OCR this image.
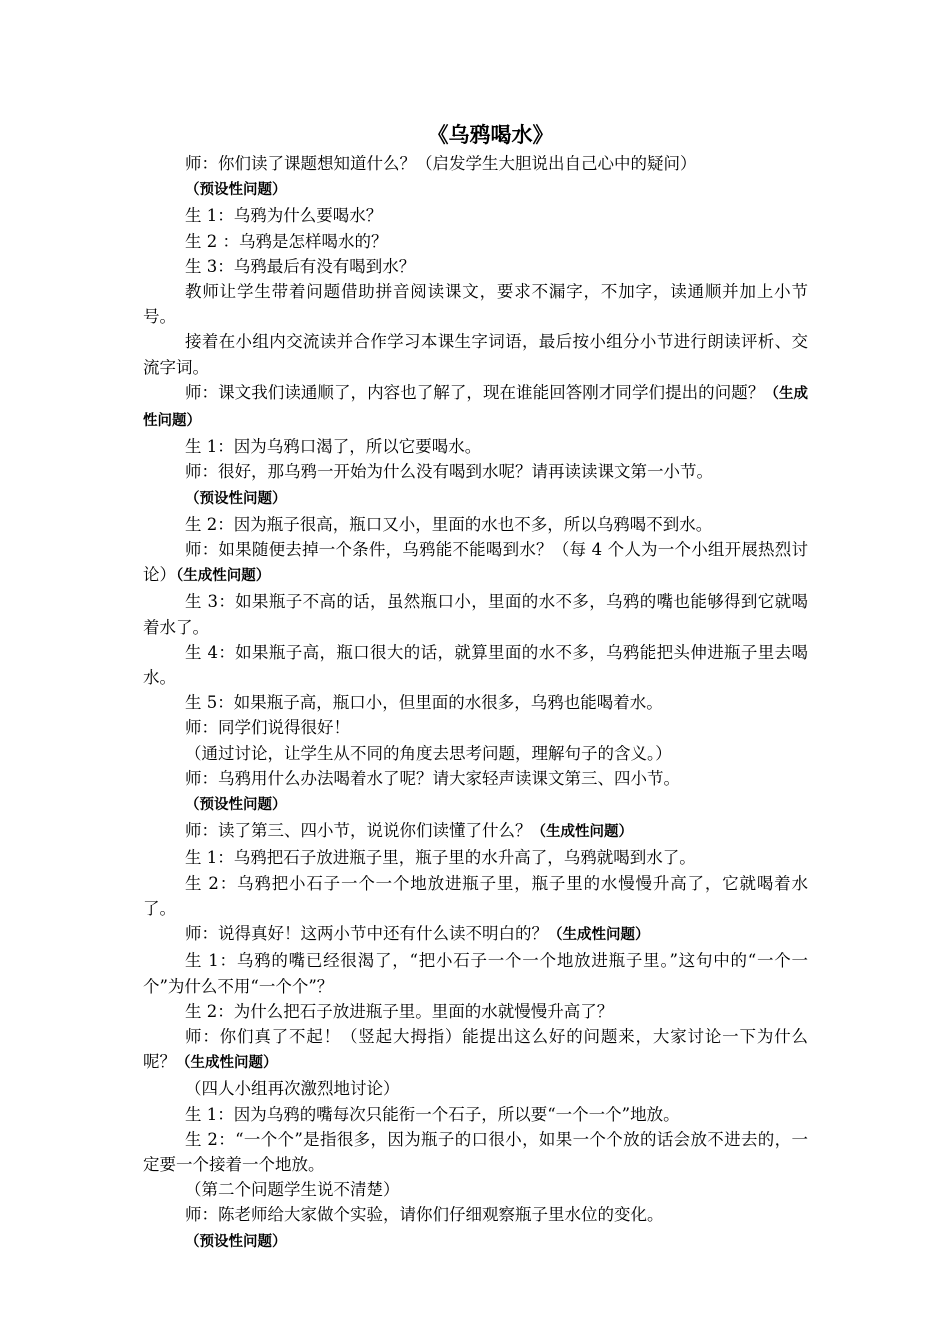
《乌鸦喝水》

师：你们读了课题想知道什么？（启发学生大胆说出自己心中的疑问）

（预设性问题）

生 1：乌鸦为什么要喝水？

生 2 ：乌鸦是怎样喝水的？

生 3：乌鸦最后有没有喝到水？

教师让学生带着问题借助拼音阅读课文，要求不漏字，不加字，读通顺并加上小节号。

接着在小组内交流读并合作学习本课生字词语，最后按小组分小节进行朗读评析、交流字词。

师：课文我们读通顺了，内容也了解了，现在谁能回答刚才同学们提出的问题？（生成性问题）

生 1：因为乌鸦口渴了，所以它要喝水。

师：很好，那乌鸦一开始为什么没有喝到水呢？请再读读课文第一小节。

（预设性问题）

生 2：因为瓶子很高，瓶口又小，里面的水也不多，所以乌鸦喝不到水。

师：如果随便去掉一个条件，乌鸦能不能喝到水？（每 4 个人为一个小组开展热烈讨论）（生成性问题）

生 3：如果瓶子不高的话，虽然瓶口小，里面的水不多，乌鸦的嘴也能够得到它就喝着水了。

生 4：如果瓶子高，瓶口很大的话，就算里面的水不多，乌鸦能把头伸进瓶子里去喝水。

生 5：如果瓶子高，瓶口小，但里面的水很多，乌鸦也能喝着水。

师：同学们说得很好！

（通过讨论，让学生从不同的角度去思考问题，理解句子的含义。）

师：乌鸦用什么办法喝着水了呢？请大家轻声读课文第三、四小节。

（预设性问题）

师：读了第三、四小节，说说你们读懂了什么？（生成性问题）

生 1：乌鸦把石子放进瓶子里，瓶子里的水升高了，乌鸦就喝到水了。

生 2：乌鸦把小石子一个一个地放进瓶子里，瓶子里的水慢慢升高了，它就喝着水了。

师：说得真好！这两小节中还有什么读不明白的？（生成性问题）

生 1：乌鸦的嘴已经很渴了，“把小石子一个一个地放进瓶子里。”这句中的“一个一个”为什么不用“一个个”？

生 2：为什么把石子放进瓶子里。里面的水就慢慢升高了？

师：你们真了不起！（竖起大拇指）能提出这么好的问题来，大家讨论一下为什么呢？（生成性问题）

（四人小组再次激烈地讨论）

生 1：因为乌鸦的嘴每次只能衔一个石子，所以要“一个一个”地放。

生 2：“一个个”是指很多，因为瓶子的口很小，如果一个个放的话会放不进去的，一定要一个接着一个地放。

（第二个问题学生说不清楚）

师：陈老师给大家做个实验，请你们仔细观察瓶子里水位的变化。

（预设性问题）
